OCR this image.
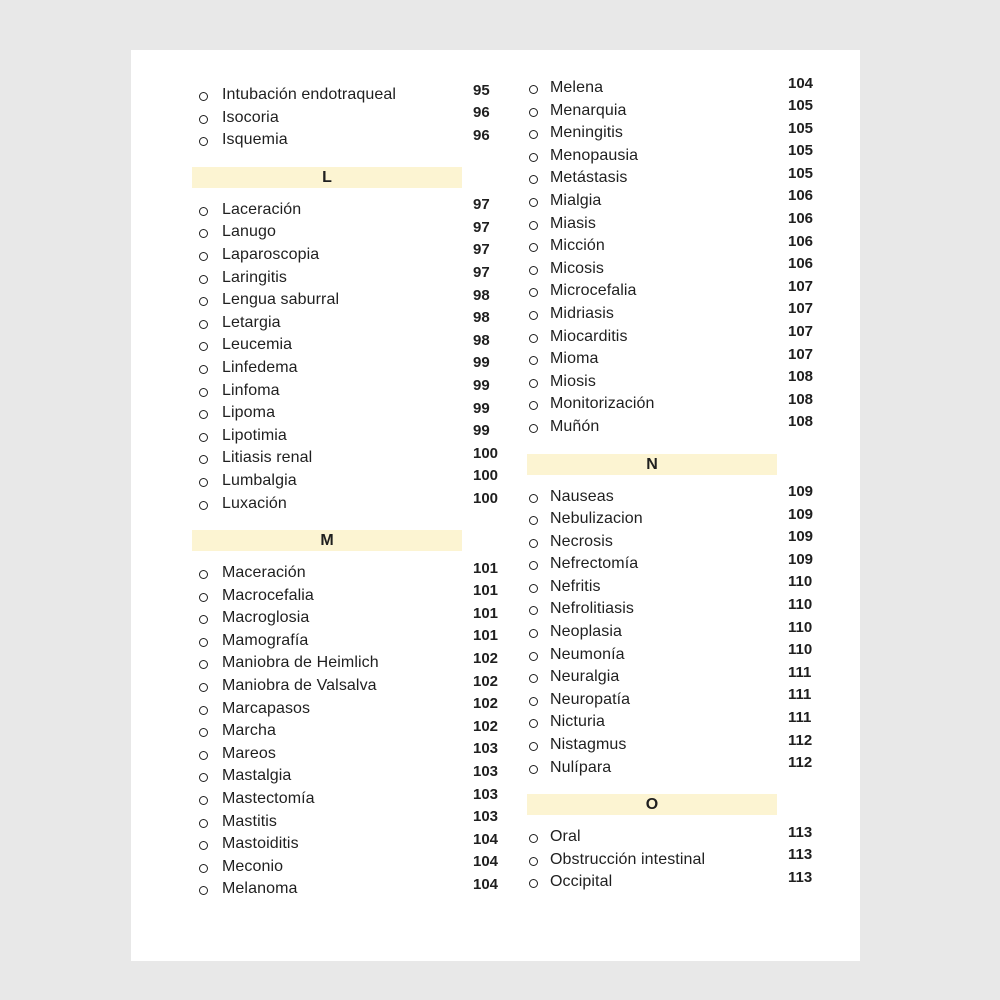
Intubación endotraqueal	95
Isocoria	96
Isquemia	96
L
Laceración	97
Lanugo	97
Laparoscopia	97
Laringitis	97
Lengua saburral	98
Letargia	98
Leucemia	98
Linfedema	99
Linfoma	99
Lipoma	99
Lipotimia	99
Litiasis renal	100
Lumbalgia	100
Luxación	100
M
Maceración	101
Macrocefalia	101
Macroglosia	101
Mamografía	101
Maniobra de Heimlich	102
Maniobra de Valsalva	102
Marcapasos	102
Marcha	102
Mareos	103
Mastalgia	103
Mastectomía	103
Mastitis	103
Mastoiditis	104
Meconio	104
Melanoma	104
Melena	104
Menarquia	105
Meningitis	105
Menopausia	105
Metástasis	105
Mialgia	106
Miasis	106
Micción	106
Micosis	106
Microcefalia	107
Midriasis	107
Miocarditis	107
Mioma	107
Miosis	108
Monitorización	108
Muñón	108
N
Nauseas	109
Nebulizacion	109
Necrosis	109
Nefrectomía	109
Nefritis	110
Nefrolitiasis	110
Neoplasia	110
Neumonía	110
Neuralgia	111
Neuropatía	111
Nicturia	111
Nistagmus	112
Nulípara	112
O
Oral	113
Obstrucción intestinal	113
Occipital	113
